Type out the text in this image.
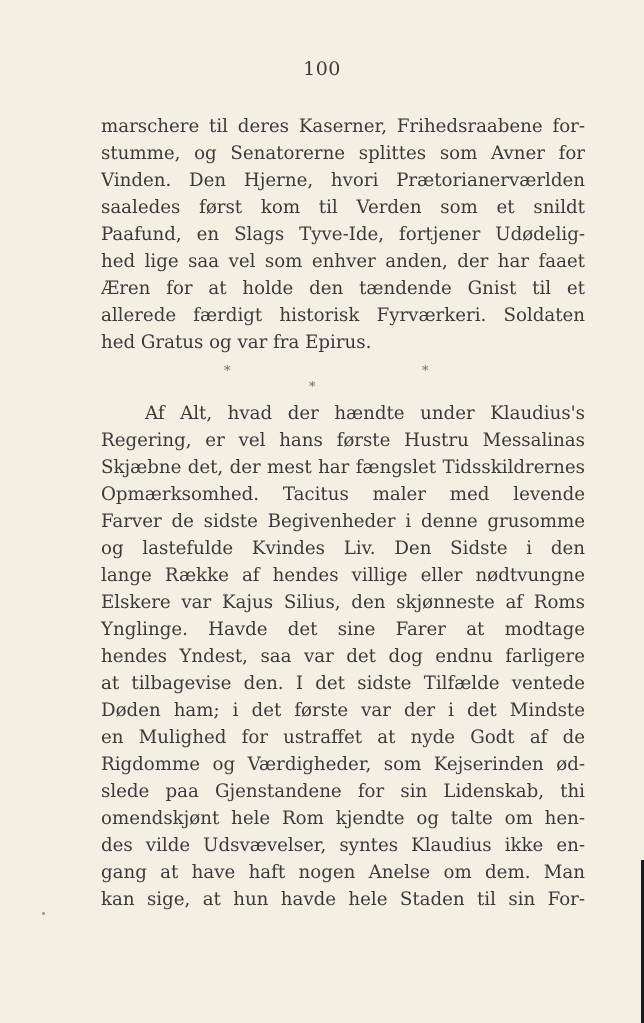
100
marschere til deres Kaserner, Frihedsraabene for-
stumme, og Senatorerne splittes som Avner for
Vinden. Den Hjerne, hvori Prætorianerværlden
saaledes først kom til Verden som et snildt
Paafund, en Slags Tyve-Ide, fortjener Udødelig-
hed lige saa vel som enhver anden, der har faaet
Æren for at holde den tændende Gnist til et
allerede færdigt historisk Fyrværkeri. Soldaten
hed Gratus og var fra Epirus.
*	*
*
Af Alt, hvad der hændte under Klaudius's
Regering, er vel hans første Hustru Messalinas
Skjæbne det, der mest har fængslet Tidsskildrernes
Opmærksomhed. Tacitus maler med levende
Farver de sidste Begivenheder i denne grusomme
og lastefulde Kvindes Liv. Den Sidste i den
lange Række af hendes villige eller nødtvungne
Elskere var Kajus Silius, den skjønneste af Roms
Ynglinge. Havde det sine Farer at modtage
hendes Yndest, saa var det dog endnu farligere
at tilbagevise den. I det sidste Tilfælde ventede
Døden ham; i det første var der i det Mindste
en Mulighed for ustraffet at nyde Godt af de
Rigdomme og Værdigheder, som Kejserinden ød-
slede paa Gjenstandene for sin Lidenskab, thi
omendskjønt hele Rom kjendte og talte om hen-
des vilde Udsvævelser, syntes Klaudius ikke en-
gang at have haft nogen Anelse om dem. Man
kan sige, at hun havde hele Staden til sin For-
